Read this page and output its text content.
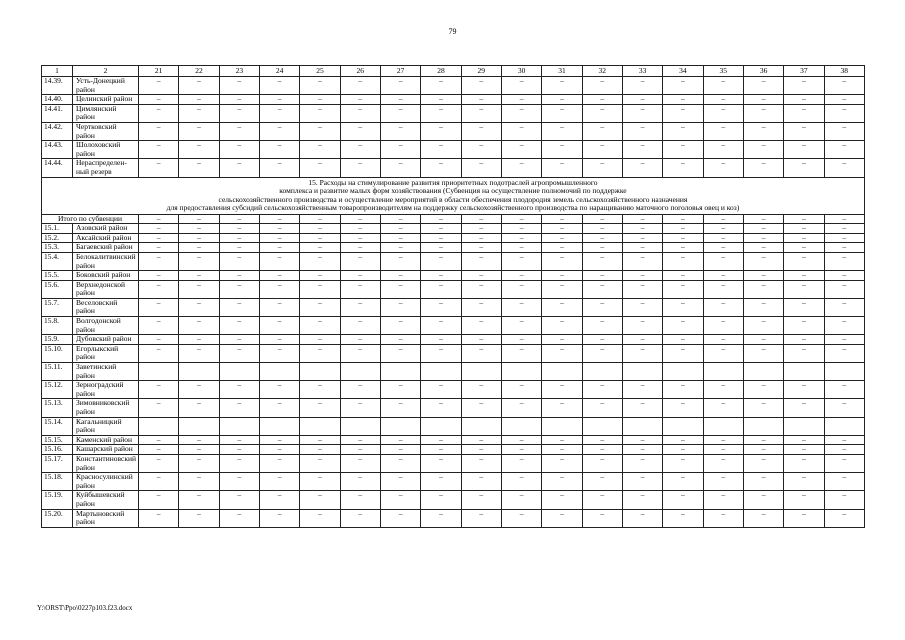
79
1	2	21	22	23	24	25	26	27	28	29	30	31	32	33	34	35	36	37	38
14.39.	Усть-Донецкий район	–	–	–	–	–	–	–	–	–	–	–	–	–	–	–	–	–	–
14.40.	Целинский район	–	–	–	–	–	–	–	–	–	–	–	–	–	–	–	–	–	–
14.41.	Цимлянский район	–	–	–	–	–	–	–	–	–	–	–	–	–	–	–	–	–	–
14.42.	Чертковский район	–	–	–	–	–	–	–	–	–	–	–	–	–	–	–	–	–	–
14.43.	Шолоховский район	–	–	–	–	–	–	–	–	–	–	–	–	–	–	–	–	–	–
14.44.	Нераспределен-ный резерв	–	–	–	–	–	–	–	–	–	–	–	–	–	–	–	–	–	–

15. Расходы на стимулирование развития приоритетных подотраслей агропромышленного
комплекса и развитие малых форм хозяйствования (Субвенция на осуществление полномочий по поддержке
сельскохозяйственного производства и осуществление мероприятий в области обеспечения плодородия земель сельскохозяйственного назначения
для предоставления субсидий сельскохозяйственным товаропроизводителям на поддержку сельскохозяйственного производства по наращиванию маточного поголовья овец и коз)																			

Итого по субвенции		–	–	–	–	–	–	–	–	–	–	–	–	–	–	–	–	–	–
15.1.	Азовский район	–	–	–	–	–	–	–	–	–	–	–	–	–	–	–	–	–	–
15.2.	Аксайский район	–	–	–	–	–	–	–	–	–	–	–	–	–	–	–	–	–	–
15.3.	Багаевский район	–	–	–	–	–	–	–	–	–	–	–	–	–	–	–	–	–	–
15.4.	Белокалитвинский район	–	–	–	–	–	–	–	–	–	–	–	–	–	–	–	–	–	–
15.5.	Боковский район	–	–	–	–	–	–	–	–	–	–	–	–	–	–	–	–	–	–
15.6.	Верхнедонской район	–	–	–	–	–	–	–	–	–	–	–	–	–	–	–	–	–	–
15.7.	Веселовский район	–	–	–	–	–	–	–	–	–	–	–	–	–	–	–	–	–	–
15.8.	Волгодонской район	–	–	–	–	–	–	–	–	–	–	–	–	–	–	–	–	–	–
15.9.	Дубовский район	–	–	–	–	–	–	–	–	–	–	–	–	–	–	–	–	–	–
15.10.	Егорлыкский район	–	–	–	–	–	–	–	–	–	–	–	–	–	–	–	–	–	–
15.11.	Заветинский район																		
15.12.	Зерноградский район	–	–	–	–	–	–	–	–	–	–	–	–	–	–	–	–	–	–
15.13.	Зимовниковский район	–	–	–	–	–	–	–	–	–	–	–	–	–	–	–	–	–	–
15.14.	Кагальницкий район																		
15.15.	Каменский район	–	–	–	–	–	–	–	–	–	–	–	–	–	–	–	–	–	–
15.16.	Кашарский район	–	–	–	–	–	–	–	–	–	–	–	–	–	–	–	–	–	–
15.17.	Константиновский район	–	–	–	–	–	–	–	–	–	–	–	–	–	–	–	–	–	–
15.18.	Красносулинский район	–	–	–	–	–	–	–	–	–	–	–	–	–	–	–	–	–	–
15.19.	Куйбышевский район	–	–	–	–	–	–	–	–	–	–	–	–	–	–	–	–	–	–
15.20.	Мартыновский район	–	–	–	–	–	–	–	–	–	–	–	–	–	–	–	–	–	–
Y:\ORST\Ppo\0227p103.f23.docx
